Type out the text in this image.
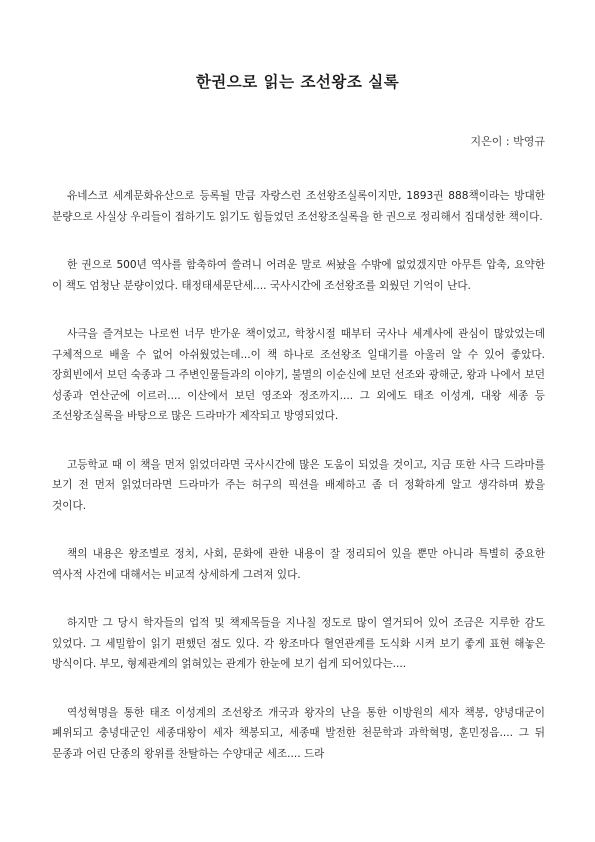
한권으로 읽는 조선왕조 실록
지은이 : 박영규

유네스코 세계문화유산으로 등록될 만큼 자랑스런 조선왕조실록이지만, 1893권 888책이라는 방대한 분량으로 사실상 우리들이 접하기도 읽기도 힘들었던 조선왕조실록을 한 권으로 정리해서 집대성한 책이다.

한 권으로 500년 역사를 함축하여 쓸려니 어려운 말로 써놨을 수밖에 없었겠지만 아무튼 압축, 요약한 이 책도 엄청난 분량이었다. 태정태세문단세.... 국사시간에 조선왕조를 외웠던 기억이 난다.

사극을 즐겨보는 나로썬 너무 반가운 책이었고, 학창시절 때부터 국사나 세계사에 관심이 많았었는데 구체적으로 배울 수 없어 아쉬웠었는데...이 책 하나로 조선왕조 일대기를 아울러 알 수 있어 좋았다. 장희빈에서 보던 숙종과 그 주변인물들과의 이야기, 불멸의 이순신에 보던 선조와 광해군, 왕과 나에서 보던 성종과 연산군에 이르러.... 이산에서 보던 영조와 정조까지.... 그 외에도 태조 이성계, 대왕 세종 등 조선왕조실록을 바탕으로 많은 드라마가 제작되고 방영되었다.

고등학교 때 이 책을 먼저 읽었더라면 국사시간에 많은 도움이 되었을 것이고, 지금 또한 사극 드라마를 보기 전 먼저 읽었더라면 드라마가 주는 허구의 픽션을 배제하고 좀 더 정확하게 알고 생각하며 봤을 것이다.

책의 내용은 왕조별로 정치, 사회, 문화에 관한 내용이 잘 정리되어 있을 뿐만 아니라 특별히 중요한 역사적 사건에 대해서는 비교적 상세하게 그려져 있다.

하지만 그 당시 학자들의 업적 및 책제목들을 지나칠 정도로 많이 열거되어 있어 조금은 지루한 감도 있었다. 그 세밀함이 읽기 편했던 점도 있다. 각 왕조마다 혈연관계를 도식화 시켜 보기 좋게 표현 해놓은 방식이다. 부모, 형제관계의 얽혀있는 관계가 한눈에 보기 쉽게 되어있다는....

역성혁명을 통한 태조 이성계의 조선왕조 개국과 왕자의 난을 통한 이방원의 세자 책봉, 양녕대군이 폐위되고 충녕대군인 세종대왕이 세자 책봉되고, 세종때 발전한 천문학과 과학혁명, 훈민정음.... 그 뒤 문종과 어린 단종의 왕위를 찬탈하는 수양대군 세조.... 드라
